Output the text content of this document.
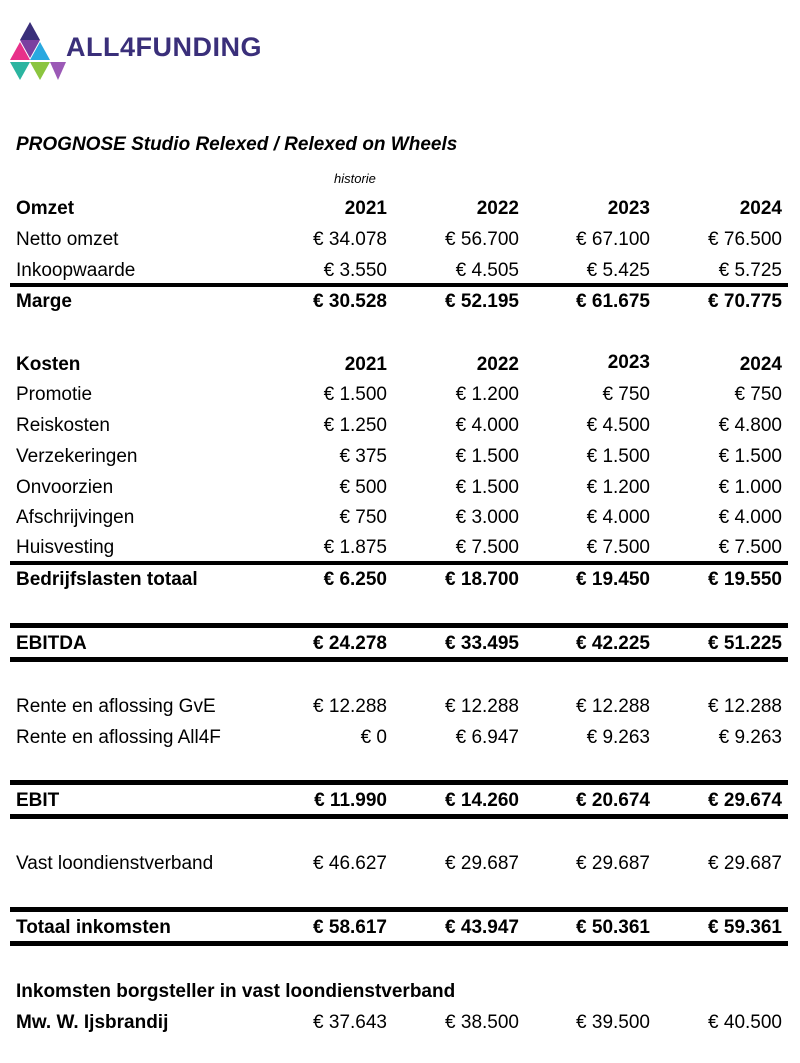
ALL4FUNDING
PROGNOSE Studio Relexed / Relexed on Wheels
historie
Omzet	2021	2022	2023	2024
Netto omzet	€ 34.078	€ 56.700	€ 67.100	€ 76.500
Inkoopwaarde	€ 3.550	€ 4.505	€ 5.425	€ 5.725
Marge	€ 30.528	€ 52.195	€ 61.675	€ 70.775
Kosten	2021	2022	2023	2024
Promotie	€ 1.500	€ 1.200	€ 750	€ 750
Reiskosten	€ 1.250	€ 4.000	€ 4.500	€ 4.800
Verzekeringen	€ 375	€ 1.500	€ 1.500	€ 1.500
Onvoorzien	€ 500	€ 1.500	€ 1.200	€ 1.000
Afschrijvingen	€ 750	€ 3.000	€ 4.000	€ 4.000
Huisvesting	€ 1.875	€ 7.500	€ 7.500	€ 7.500
Bedrijfslasten totaal	€ 6.250	€ 18.700	€ 19.450	€ 19.550
EBITDA	€ 24.278	€ 33.495	€ 42.225	€ 51.225
Rente en aflossing GvE	€ 12.288	€ 12.288	€ 12.288	€ 12.288
Rente en aflossing All4F	€ 0	€ 6.947	€ 9.263	€ 9.263
EBIT	€ 11.990	€ 14.260	€ 20.674	€ 29.674
Vast loondienstverband	€ 46.627	€ 29.687	€ 29.687	€ 29.687
Totaal inkomsten	€ 58.617	€ 43.947	€ 50.361	€ 59.361
Inkomsten borgsteller in vast loondienstverband
Mw. W. Ijsbrandij	€ 37.643	€ 38.500	€ 39.500	€ 40.500
